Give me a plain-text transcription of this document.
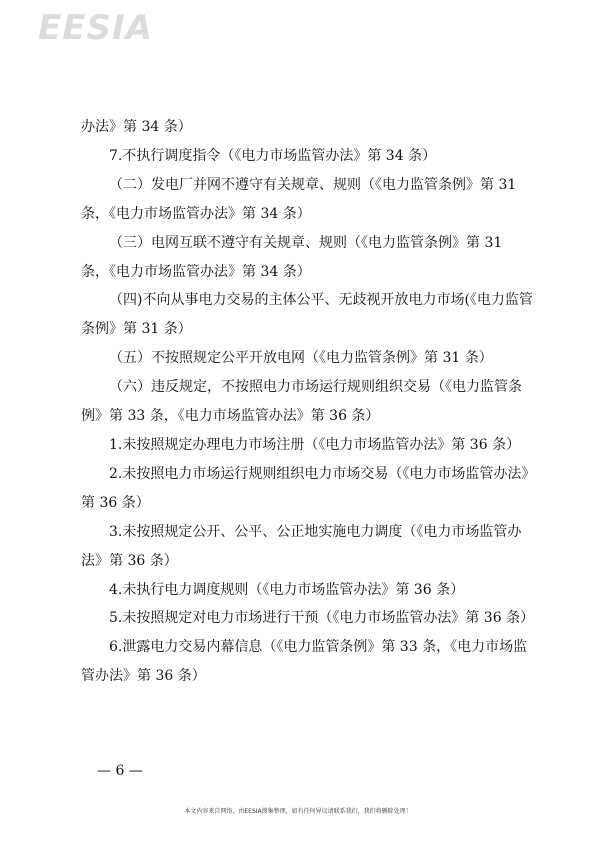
EESIA

办法》第 34 条）

7.不执行调度指令（《电力市场监管办法》第 34 条）

（二）发电厂并网不遵守有关规章、规则（《电力监管条例》第 31 条，《电力市场监管办法》第 34 条）

（三）电网互联不遵守有关规章、规则（《电力监管条例》第 31 条，《电力市场监管办法》第 34 条）

（四)不向从事电力交易的主体公平、无歧视开放电力市场(《电力监管条例》第 31 条）

（五）不按照规定公平开放电网（《电力监管条例》第 31 条）

（六）违反规定，不按照电力市场运行规则组织交易（《电力监管条例》第 33 条，《电力市场监管办法》第 36 条）

1.未按照规定办理电力市场注册（《电力市场监管办法》第 36 条）

2.未按照电力市场运行规则组织电力市场交易（《电力市场监管办法》第 36 条）

3.未按照规定公开、公平、公正地实施电力调度（《电力市场监管办法》第 36 条）

4.未执行电力调度规则（《电力市场监管办法》第 36 条）

5.未按照规定对电力市场进行干预（《电力市场监管办法》第 36 条）

6.泄露电力交易内幕信息（《电力监管条例》第 33 条，《电力市场监管办法》第 36 条）

— 6 —
本文内容来自网络，由EESIA搜集整理，如有任何异议请联系我们，我们将删除处理！
